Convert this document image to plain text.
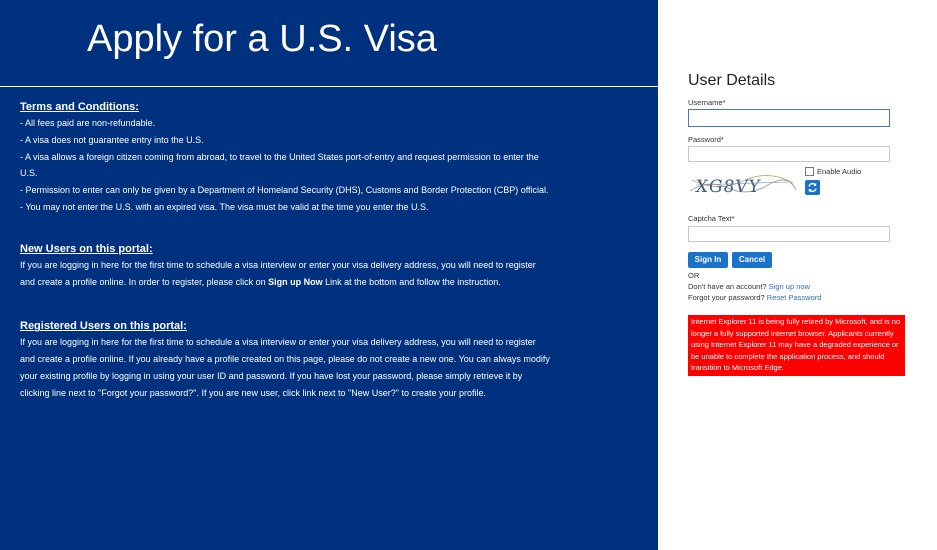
Apply for a U.S. Visa
Terms and Conditions:
- All fees paid are non-refundable.
- A visa does not guarantee entry into the U.S.
- A visa allows a foreign citizen coming from abroad, to travel to the United States port-of-entry and request permission to enter the
U.S.
- Permission to enter can only be given by a Department of Homeland Security (DHS), Customs and Border Protection (CBP) official.
- You may not enter the U.S. with an expired visa. The visa must be valid at the time you enter the U.S.
New Users on this portal:
If you are logging in here for the first time to schedule a visa interview or enter your visa delivery address, you will need to register
and create a profile online. In order to register, please click on Sign up Now Link at the bottom and follow the instruction.
Registered Users on this portal:
If you are logging in here for the first time to schedule a visa interview or enter your visa delivery address, you will need to register
and create a profile online. If you already have a profile created on this page, please do not create a new one. You can always modify
your existing profile by logging in using your user ID and password. If you have lost your password, please simply retrieve it by
clicking line next to "Forgot your password?". If you are new user, click link next to "New User?" to create your profile.
User Details
Username*
Password*
XG8VY
Enable Audio
Captcha Text*
Sign In	Cancel
OR
Don't have an account? Sign up now
Forgot your password? Reset Password
Internet Explorer 11 is being fully retired by Microsoft, and is no longer a fully supported internet browser. Applicants currently using Internet Explorer 11 may have a degraded experience or be unable to complete the application process, and should transition to Microsoft Edge.
